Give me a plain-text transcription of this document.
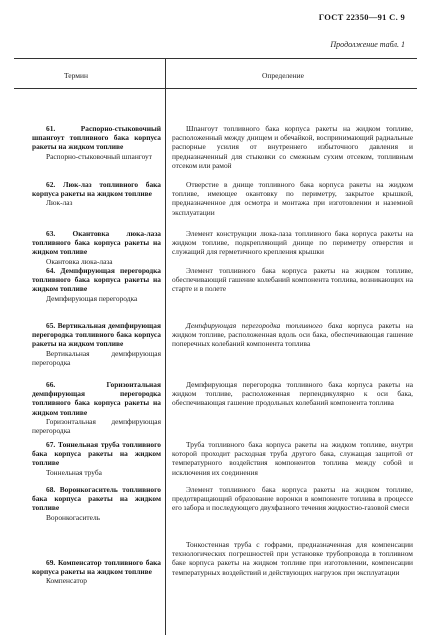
ГОСТ 22350—91 С. 9
Продолжение табл. 1
Термин	Определение
61. Распорно-стыковочный шпангоут топливного бака корпуса ракеты на жидком топливе
Распорно-стыковочный шпангоут
Шпангоут топливного бака корпуса ракеты на жидком топливе, расположенный между днищем и обечайкой, воспринимающий радиальные распорные усилия от внутреннего избыточного давления и предназначенный для стыковки со смежным сухим отсеком, топливным отсеком или рамой
62. Люк-лаз топливного бака корпуса ракеты на жидком топливе
Люк-лаз
Отверстие в днище топливного бака корпуса ракеты на жидком топливе, имеющее окантовку по периметру, закрытое крышкой, предназначенное для осмотра и монтажа при изготовлении и наземной эксплуатации
63. Окантовка люка-лаза топливного бака корпуса ракеты на жидком топливе
Окантовка люка-лаза
Элемент конструкции люка-лаза топливного бака корпуса ракеты на жидком топливе, подкрепляющий днище по периметру отверстия и служащий для герметичного крепления крышки
64. Демпфирующая перегородка топливного бака корпуса ракеты на жидком топливе
Демпфирующая перегородка
Элемент топливного бака корпуса ракеты на жидком топливе, обеспечивающий гашение колебаний компонента топлива, возникающих на старте и в полете
65. Вертикальная демпфирующая перегородка топливного бака корпуса ракеты на жидком топливе
Вертикальная демпфирующая перегородка
Демпфирующая перегородка топливного бака корпуса ракеты на жидком топливе, расположенная вдоль оси бака, обеспечивающая гашение поперечных колебаний компонента топлива
66. Горизонтальная демпфирующая перегородка топливного бака корпуса ракеты на жидком топливе
Горизонтальная демпфирующая перегородка
Демпфирующая перегородка топливного бака корпуса ракеты на жидком топливе, расположенная перпендикулярно к оси бака, обеспечивающая гашение продольных колебаний компонента топлива
67. Тоннельная труба топливного бака корпуса ракеты на жидком топливе
Тоннельная труба
Труба топливного бака корпуса ракеты на жидком топливе, внутри которой проходит расходная труба другого бака, служащая защитой от температурного воздействия компонентов топлива между собой и исключения их соединения
68. Воронкогаситель топливного бака корпуса ракеты на жидком топливе
Воронкогаситель
Элемент топливного бака корпуса ракеты на жидком топливе, предотвращающий образование воронки в компоненте топлива в процессе его забора и последующего двухфазного течения жидкостно-газовой смеси
69. Компенсатор топливного бака корпуса ракеты на жидком топливе
Компенсатор
Тонкостенная труба с гофрами, предназначенная для компенсации технологических погрешностей при установке трубопровода в топливном баке корпуса ракеты на жидком топливе при изготовлении, компенсации температурных воздействий и действующих нагрузок при эксплуатации
